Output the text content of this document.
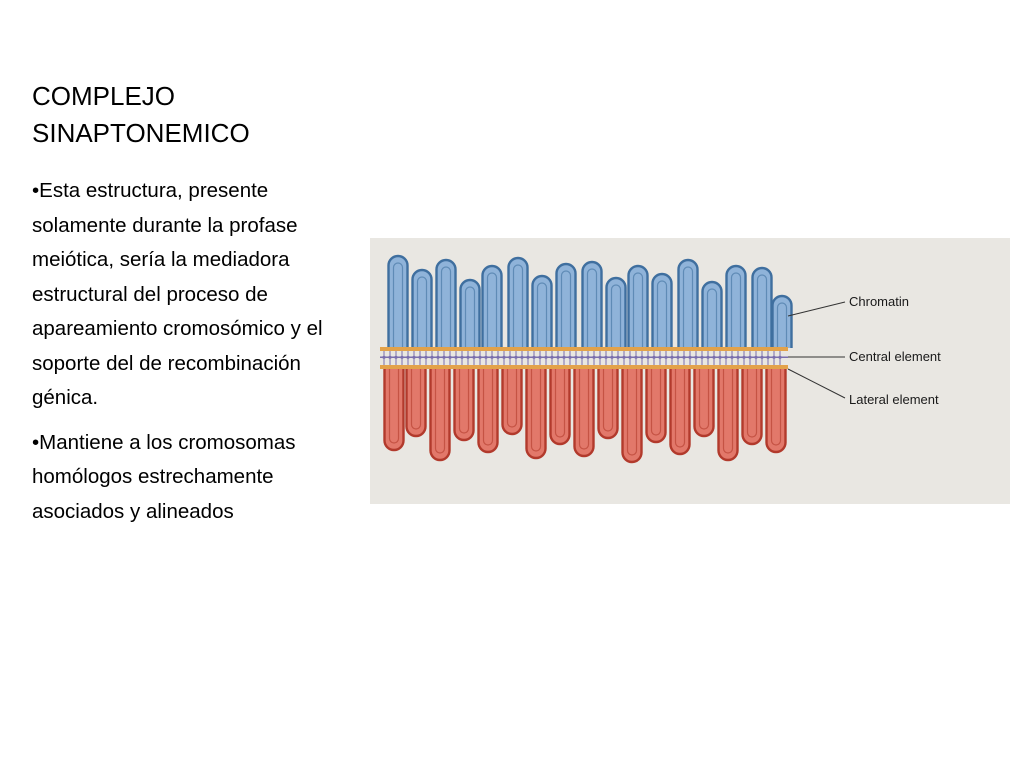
COMPLEJO
SINAPTONEMICO
•Esta estructura, presente solamente durante la profase meiótica, sería la mediadora estructural del proceso de apareamiento cromosómico y el soporte del de recombinación génica.
•Mantiene a los cromosomas homólogos estrechamente asociados y alineados
Chromatin
Central element
Lateral element
